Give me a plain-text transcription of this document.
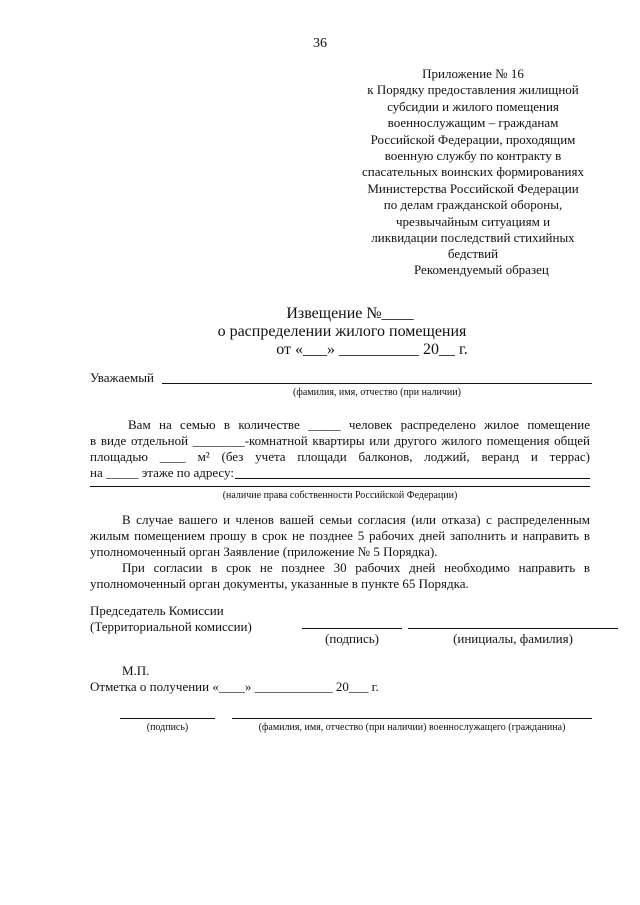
36
Приложение № 16
к Порядку предоставления жилищной
субсидии и жилого помещения
военнослужащим – гражданам
Российской Федерации, проходящим
военную службу по контракту в
спасательных воинских формированиях
Министерства Российской Федерации
по делам гражданской обороны,
чрезвычайным ситуациям и
ликвидации последствий стихийных
бедствий
Рекомендуемый образец
Извещение №____
о распределении жилого помещения
от «___» __________ 20__ г.
Уважаемый
(фамилия, имя, отчество (при наличии)
Вам на семью в количестве _____ человек распределено жилое помещение
в виде отдельной ________-комнатной квартиры или другого жилого помещения общей
площадью ____ м² (без учета площади балконов, лоджий, веранд и террас)
на _____ этаже по адресу:
(наличие права собственности Российской Федерации)
В случае вашего и членов вашей семьи согласия (или отказа) с распределенным
жилым помещением прошу в срок не позднее 5 рабочих дней заполнить и направить в
уполномоченный орган Заявление (приложение № 5 Порядка).
При согласии в срок не позднее 30 рабочих дней необходимо направить в
уполномоченный орган документы, указанные в пункте 65 Порядка.
Председатель Комиссии
(Территориальной комиссии)
(подпись)	(инициалы, фамилия)
М.П.
Отметка о получении «____» ____________ 20___ г.
(подпись)	(фамилия, имя, отчество (при наличии) военнослужащего (гражданина)
